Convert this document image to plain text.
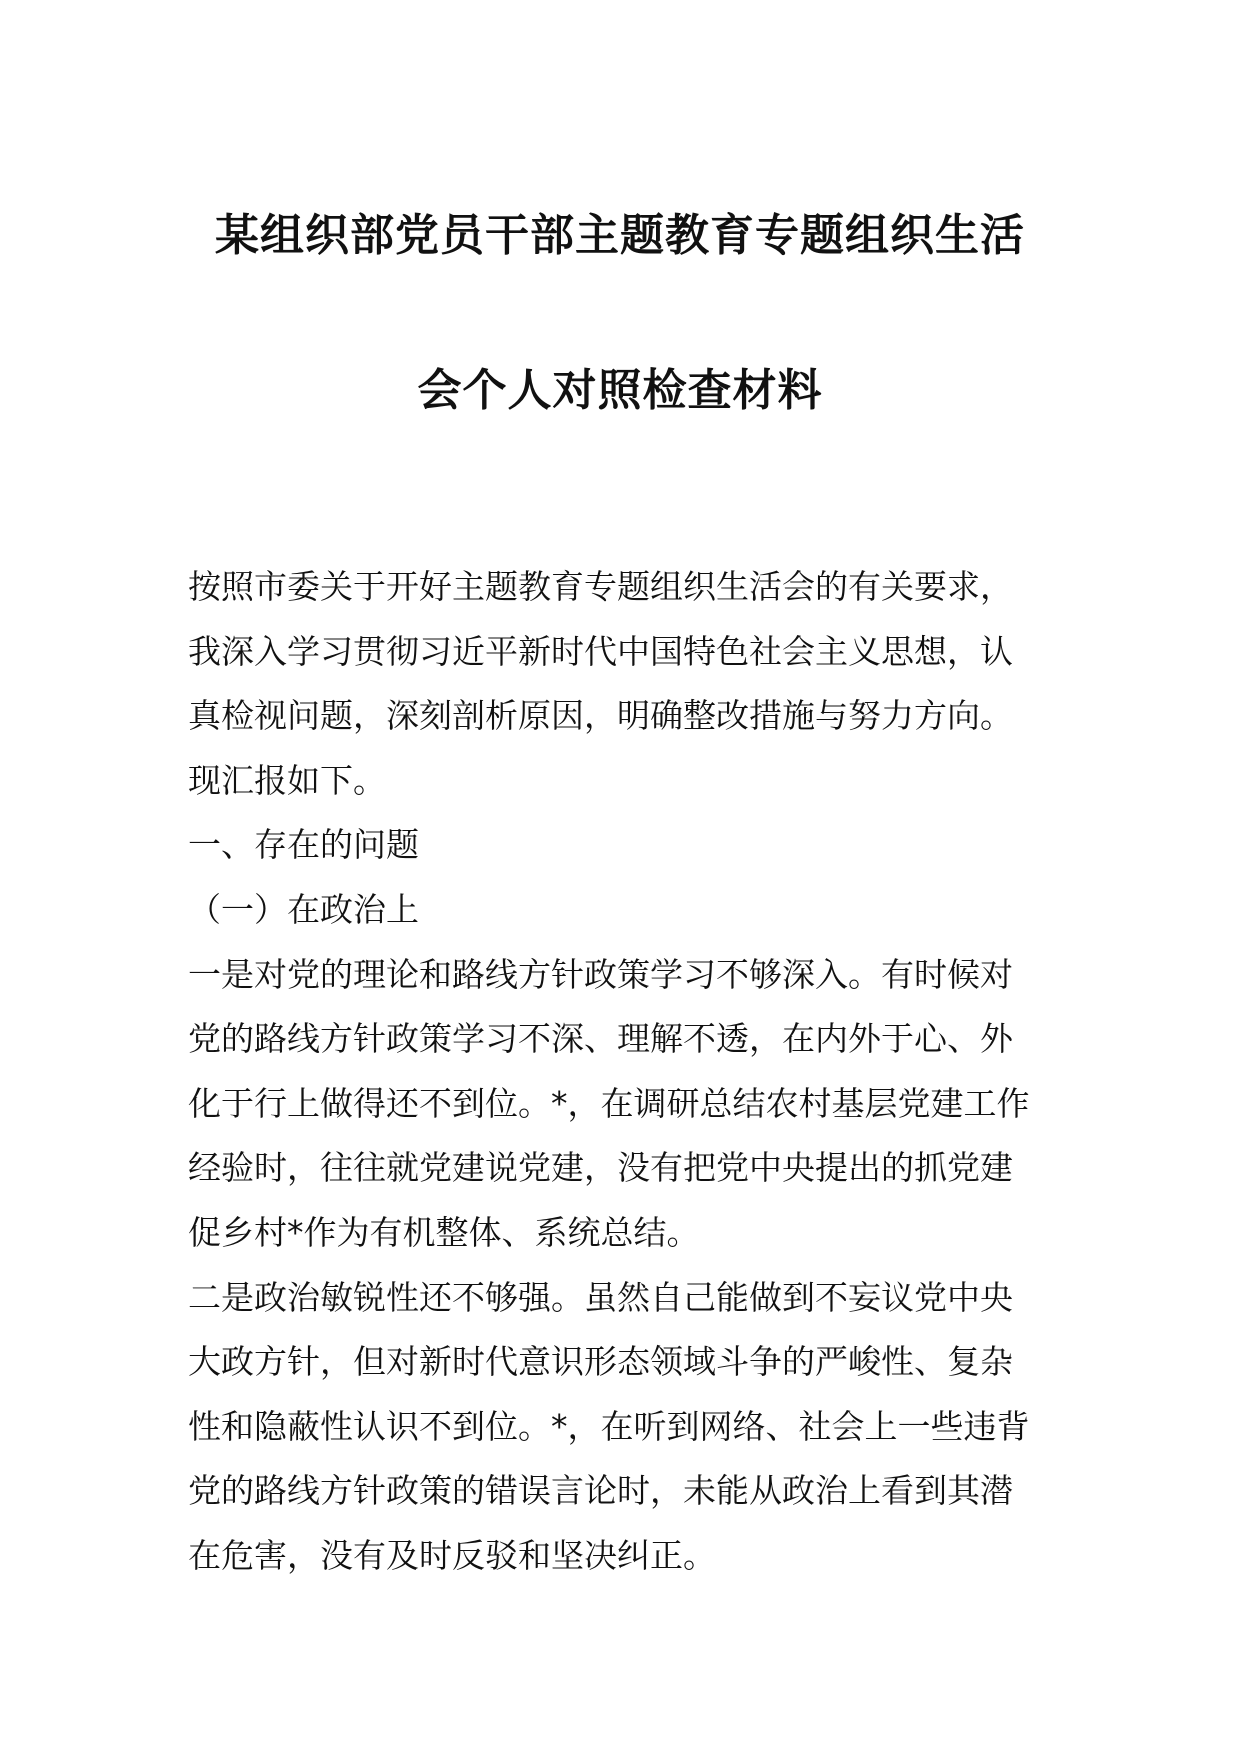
某组织部党员干部主题教育专题组织生活
会个人对照检查材料

按照市委关于开好主题教育专题组织生活会的有关要求，

我深入学习贯彻习近平新时代中国特色社会主义思想，认

真检视问题，深刻剖析原因，明确整改措施与努力方向。

现汇报如下。

一、存在的问题

（一）在政治上

一是对党的理论和路线方针政策学习不够深入。有时候对

党的路线方针政策学习不深、理解不透，在内外于心、外

化于行上做得还不到位。*，在调研总结农村基层党建工作

经验时，往往就党建说党建，没有把党中央提出的抓党建

促乡村*作为有机整体、系统总结。

二是政治敏锐性还不够强。虽然自己能做到不妄议党中央

大政方针，但对新时代意识形态领域斗争的严峻性、复杂

性和隐蔽性认识不到位。*，在听到网络、社会上一些违背

党的路线方针政策的错误言论时，未能从政治上看到其潜

在危害，没有及时反驳和坚决纠正。
